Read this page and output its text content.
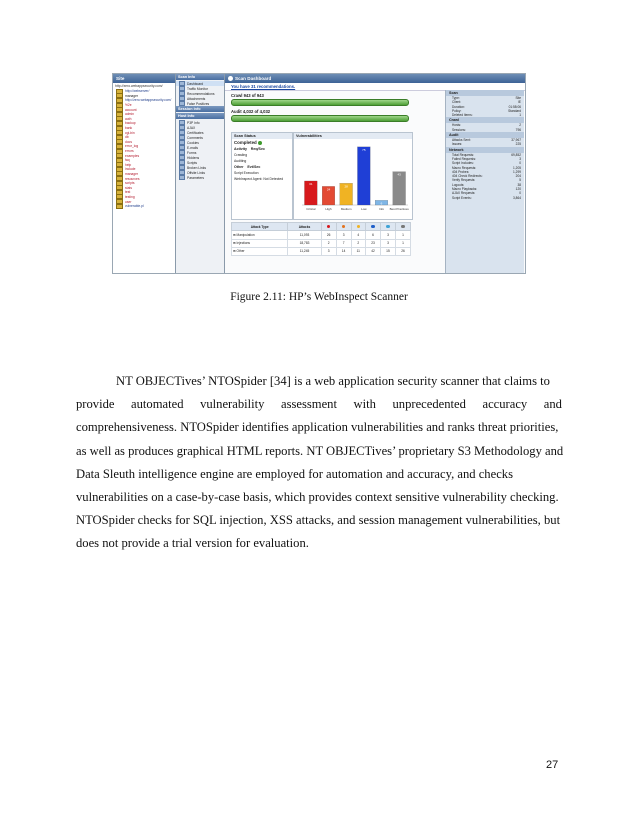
Site
http://zero.webappsecurity.com/
http://webserver/
manager
http://zero.webappsecurity.com/
%2e
account
admin
auth
backup
bank
cgi-bin
db
docs
error_log
errors
examples
faq
help
include
manager
resources
scripts
stats
test
testing
user
vulnerable.pl
Scan Info
Dashboard
Traffic Monitor
Recommendations
Attachments
False Positives
Session Info
Host Info
P3P Info
AJAX
Certificates
Comments
Cookies
E-mails
Forms
Hiddens
Scripts
Broken Links
Offsite Links
Parameters
Scan Dashboard
You have 31 recommendations.
Crawl 943 of 943
Audit 4,032 of 4,032
Scan Status
Completed
Activity Req/Sec
Crawling
Auditing
Other Evt/Sec
Script Execution
WebInspect Agent: Not Detected
Vulnerabilities
31
Critical
24
High
28
Medium
75
Low
6
Info
43
Best Practices
Attack Type	Attacks						
⊞ Manipulation	11,093	26	3	4	6	3	1
⊞ Injections	18,783	2	7	2	23	3	1
⊞ Other	11,245	3	14	11	42	15	26
Scan
Type:	Site
Client:	IE
Duration:	01:58:06
Policy:	Standard
Deleted Items:	1
Crawl
Hosts:	2
Sessions:	796
Audit
Attacks Sent:	37,967
Issues:	225
Network
Total Requests:	69,852
Failed Requests:	3
Script Includes:	0
Macro Requests:	1,205
404 Probes:	1,299
404 Check Redirects:	204
Verify Requests:	5
Logouts:	38
Macro Playbacks:	120
AJAX Requests:	0
Script Events:	3,864
Figure 2.11: HP’s WebInspect Scanner
NT OBJECTives’ NTOSpider [34] is a web application security scanner that claims to
provide automated vulnerability assessment with unprecedented accuracy and
comprehensiveness. NTOSpider identifies application vulnerabilities and ranks threat priorities,
as well as produces graphical HTML reports. NT OBJECTives’ proprietary S3 Methodology and
Data Sleuth intelligence engine are employed for automation and accuracy, and checks
vulnerabilities on a case-by-case basis, which provides context sensitive vulnerability checking.
NTOSpider checks for SQL injection, XSS attacks, and session management vulnerabilities, but
does not provide a trial version for evaluation.
27
